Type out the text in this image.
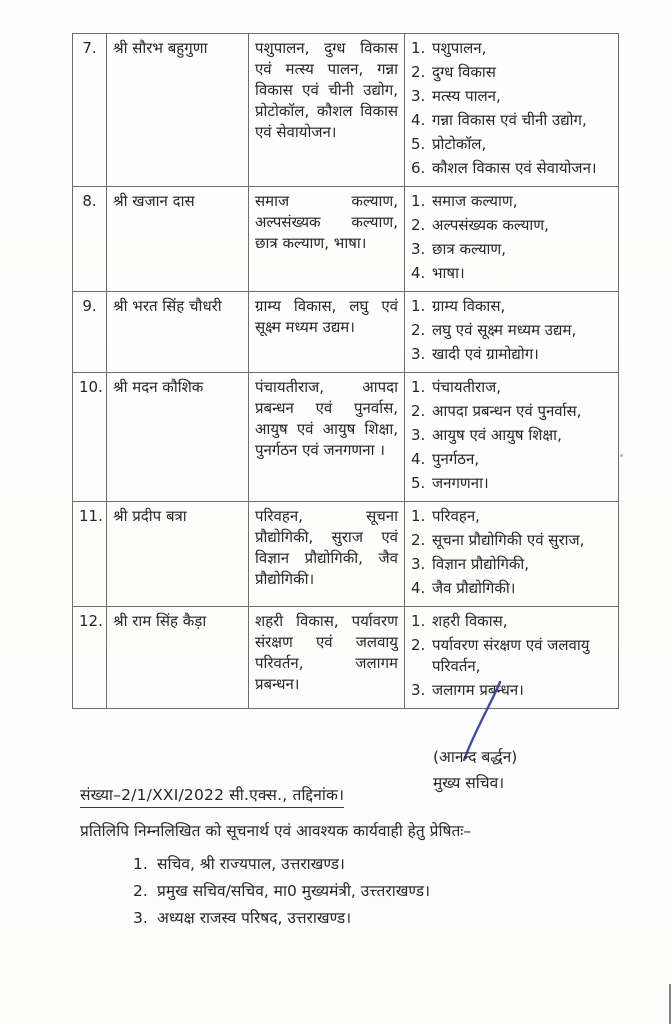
7.	श्री सौरभ बहुगुणा	पशुपालन, दुग्ध विकास एवं मत्स्य पालन, गन्ना विकास एवं चीनी उद्योग, प्रोटोकॉल, कौशल विकास एवं सेवायोजन।	
1. पशुपालन,
2. दुग्ध विकास
3. मत्स्य पालन,
4. गन्ना विकास एवं चीनी उद्योग,
5. प्रोटोकॉल,
6. कौशल विकास एवं सेवायोजन।

8.	श्री खजान दास	समाज कल्याण, अल्पसंख्यक कल्याण, छात्र कल्याण, भाषा।	
1. समाज कल्याण,
2. अल्पसंख्यक कल्याण,
3. छात्र कल्याण,
4. भाषा।

9.	श्री भरत सिंह चौधरी	ग्राम्य विकास, लघु एवं सूक्ष्म मध्यम उद्यम।	
1. ग्राम्य विकास,
2. लघु एवं सूक्ष्म मध्यम उद्यम,
3. खादी एवं ग्रामोद्योग।

10.	श्री मदन कौशिक	पंचायतीराज, आपदा प्रबन्धन एवं पुनर्वास, आयुष एवं आयुष शिक्षा, पुनर्गठन एवं जनगणना ।	
1. पंचायतीराज,
2. आपदा प्रबन्धन एवं पुनर्वास,
3. आयुष एवं आयुष शिक्षा,
4. पुनर्गठन,
5. जनगणना।

11.	श्री प्रदीप बत्रा	परिवहन, सूचना प्रौद्योगिकी, सुराज एवं विज्ञान प्रौद्योगिकी, जैव प्रौद्योगिकी।	
1. परिवहन,
2. सूचना प्रौद्योगिकी एवं सुराज,
3. विज्ञान प्रौद्योगिकी,
4. जैव प्रौद्योगिकी।

12.	श्री राम सिंह कैड़ा	शहरी विकास, पर्यावरण संरक्षण एवं जलवायु परिवर्तन, जलागम प्रबन्धन।	
1. शहरी विकास,
2. पर्यावरण संरक्षण एवं जलवायु परिवर्तन,
3. जलागम प्रबन्धन।
(आनन्द बर्द्धन)
मुख्य सचिव।
संख्या–2/1/XXI/2022 सी.एक्स., तद्दिनांक।
प्रतिलिपि निम्नलिखित को सूचनार्थ एवं आवश्यक कार्यवाही हेतु प्रेषितः–
1. सचिव, श्री राज्यपाल, उत्तराखण्ड।
2. प्रमुख सचिव/सचिव, मा0 मुख्यमंत्री, उत्त्तराखण्ड।
3. अध्यक्ष राजस्व परिषद, उत्तराखण्ड।
